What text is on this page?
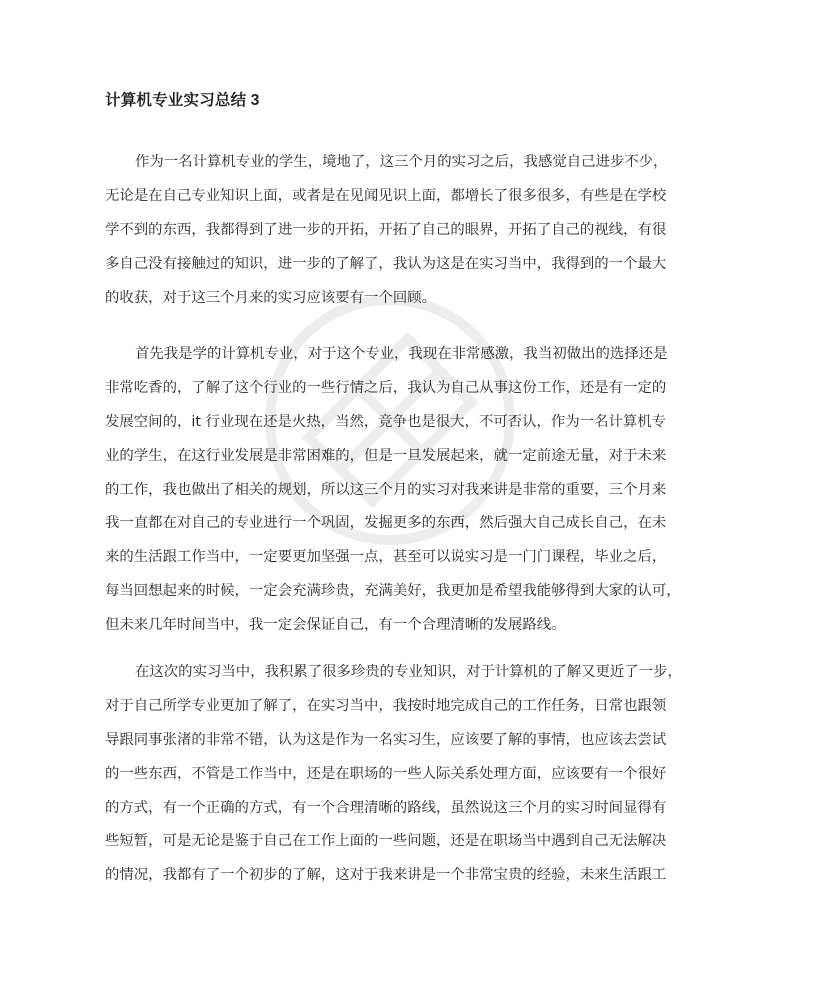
计算机专业实习总结 3
作为一名计算机专业的学生，境地了，这三个月的实习之后，我感觉自己进步不少，
无论是在自己专业知识上面，或者是在见闻见识上面，都增长了很多很多，有些是在学校
学不到的东西，我都得到了进一步的开拓，开拓了自己的眼界，开拓了自己的视线，有很
多自己没有接触过的知识，进一步的了解了，我认为这是在实习当中，我得到的一个最大
的收获，对于这三个月来的实习应该要有一个回顾。
首先我是学的计算机专业，对于这个专业，我现在非常感激，我当初做出的选择还是
非常吃香的，了解了这个行业的一些行情之后，我认为自己从事这份工作，还是有一定的
发展空间的，it 行业现在还是火热，当然，竞争也是很大，不可否认，作为一名计算机专
业的学生，在这行业发展是非常困难的，但是一旦发展起来，就一定前途无量，对于未来
的工作，我也做出了相关的规划，所以这三个月的实习对我来讲是非常的重要，三个月来
我一直都在对自己的专业进行一个巩固，发掘更多的东西，然后强大自己成长自己，在未
来的生活跟工作当中，一定要更加坚强一点，甚至可以说实习是一门门课程，毕业之后，
每当回想起来的时候，一定会充满珍贵，充满美好，我更加是希望我能够得到大家的认可，
但未来几年时间当中，我一定会保证自己，有一个合理清晰的发展路线。
在这次的实习当中，我积累了很多珍贵的专业知识，对于计算机的了解又更近了一步，
对于自己所学专业更加了解了，在实习当中，我按时地完成自己的工作任务，日常也跟领
导跟同事张渚的非常不错，认为这是作为一名实习生，应该要了解的事情，也应该去尝试
的一些东西，不管是工作当中，还是在职场的一些人际关系处理方面，应该要有一个很好
的方式，有一个正确的方式，有一个合理清晰的路线，虽然说这三个月的实习时间显得有
些短暂，可是无论是鉴于自己在工作上面的一些问题，还是在职场当中遇到自己无法解决
的情况，我都有了一个初步的了解，这对于我来讲是一个非常宝贵的经验，未来生活跟工
